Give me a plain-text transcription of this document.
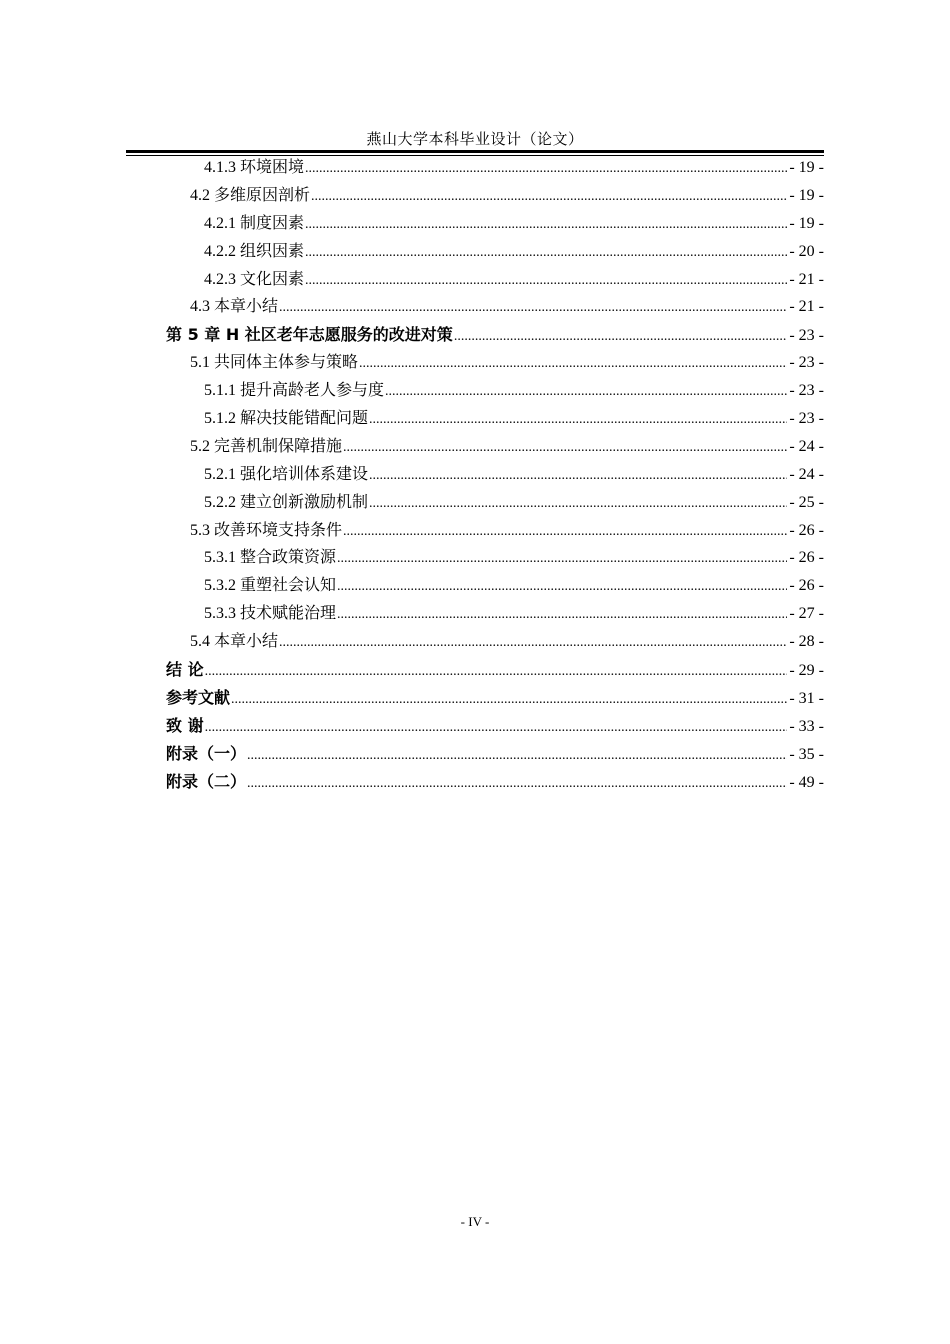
燕山大学本科毕业设计（论文）
4.1.3 环境困境 .....	- 19 -
4.2 多维原因剖析 .....	- 19 -
4.2.1 制度因素 .....	- 19 -
4.2.2 组织因素 .....	- 20 -
4.2.3 文化因素 .....	- 21 -
4.3 本章小结 .....	- 21 -
第 5 章 H 社区老年志愿服务的改进对策 .....	- 23 -
5.1 共同体主体参与策略 .....	- 23 -
5.1.1 提升高龄老人参与度 .....	- 23 -
5.1.2 解决技能错配问题 .....	- 23 -
5.2 完善机制保障措施 .....	- 24 -
5.2.1 强化培训体系建设 .....	- 24 -
5.2.2 建立创新激励机制 .....	- 25 -
5.3 改善环境支持条件 .....	- 26 -
5.3.1 整合政策资源 .....	- 26 -
5.3.2 重塑社会认知 .....	- 26 -
5.3.3 技术赋能治理 .....	- 27 -
5.4 本章小结 .....	- 28 -
结 论 .....	- 29 -
参考文献 .....	- 31 -
致 谢 .....	- 33 -
附录（一） .....	- 35 -
附录（二） .....	- 49 -
- IV -
